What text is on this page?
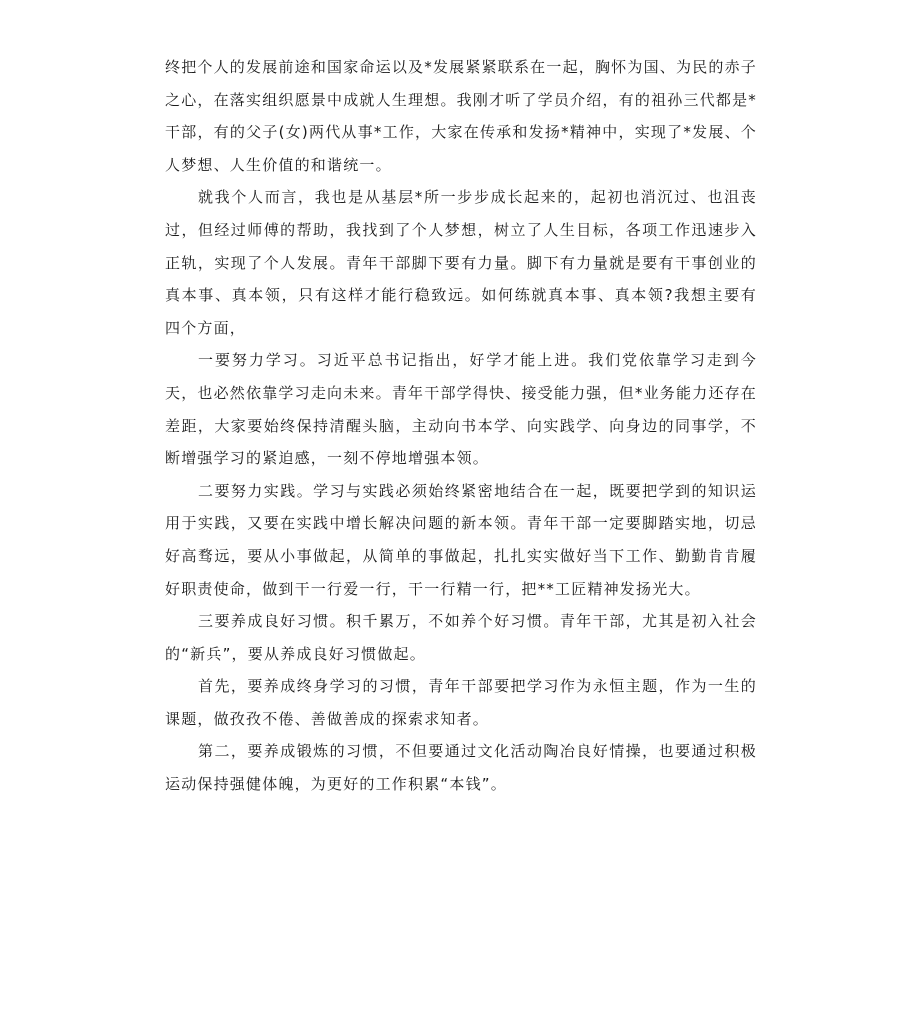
终把个人的发展前途和国家命运以及*发展紧紧联系在一起，胸怀为国、为民的赤子之心，在落实组织愿景中成就人生理想。我刚才听了学员介绍，有的祖孙三代都是*干部，有的父子(女)两代从事*工作，大家在传承和发扬*精神中，实现了*发展、个人梦想、人生价值的和谐统一。

就我个人而言，我也是从基层*所一步步成长起来的，起初也消沉过、也沮丧过，但经过师傅的帮助，我找到了个人梦想，树立了人生目标，各项工作迅速步入正轨，实现了个人发展。青年干部脚下要有力量。脚下有力量就是要有干事创业的真本事、真本领，只有这样才能行稳致远。如何练就真本事、真本领?我想主要有四个方面，

一要努力学习。习近平总书记指出，好学才能上进。我们党依靠学习走到今天，也必然依靠学习走向未来。青年干部学得快、接受能力强，但*业务能力还存在差距，大家要始终保持清醒头脑，主动向书本学、向实践学、向身边的同事学，不断增强学习的紧迫感，一刻不停地增强本领。

二要努力实践。学习与实践必须始终紧密地结合在一起，既要把学到的知识运用于实践，又要在实践中增长解决问题的新本领。青年干部一定要脚踏实地，切忌好高骛远，要从小事做起，从简单的事做起，扎扎实实做好当下工作、勤勤肯肯履好职责使命，做到干一行爱一行，干一行精一行，把**工匠精神发扬光大。

三要养成良好习惯。积千累万，不如养个好习惯。青年干部，尤其是初入社会的“新兵”，要从养成良好习惯做起。

首先，要养成终身学习的习惯，青年干部要把学习作为永恒主题，作为一生的课题，做孜孜不倦、善做善成的探索求知者。

第二，要养成锻炼的习惯，不但要通过文化活动陶冶良好情操，也要通过积极运动保持强健体魄，为更好的工作积累“本钱”。
